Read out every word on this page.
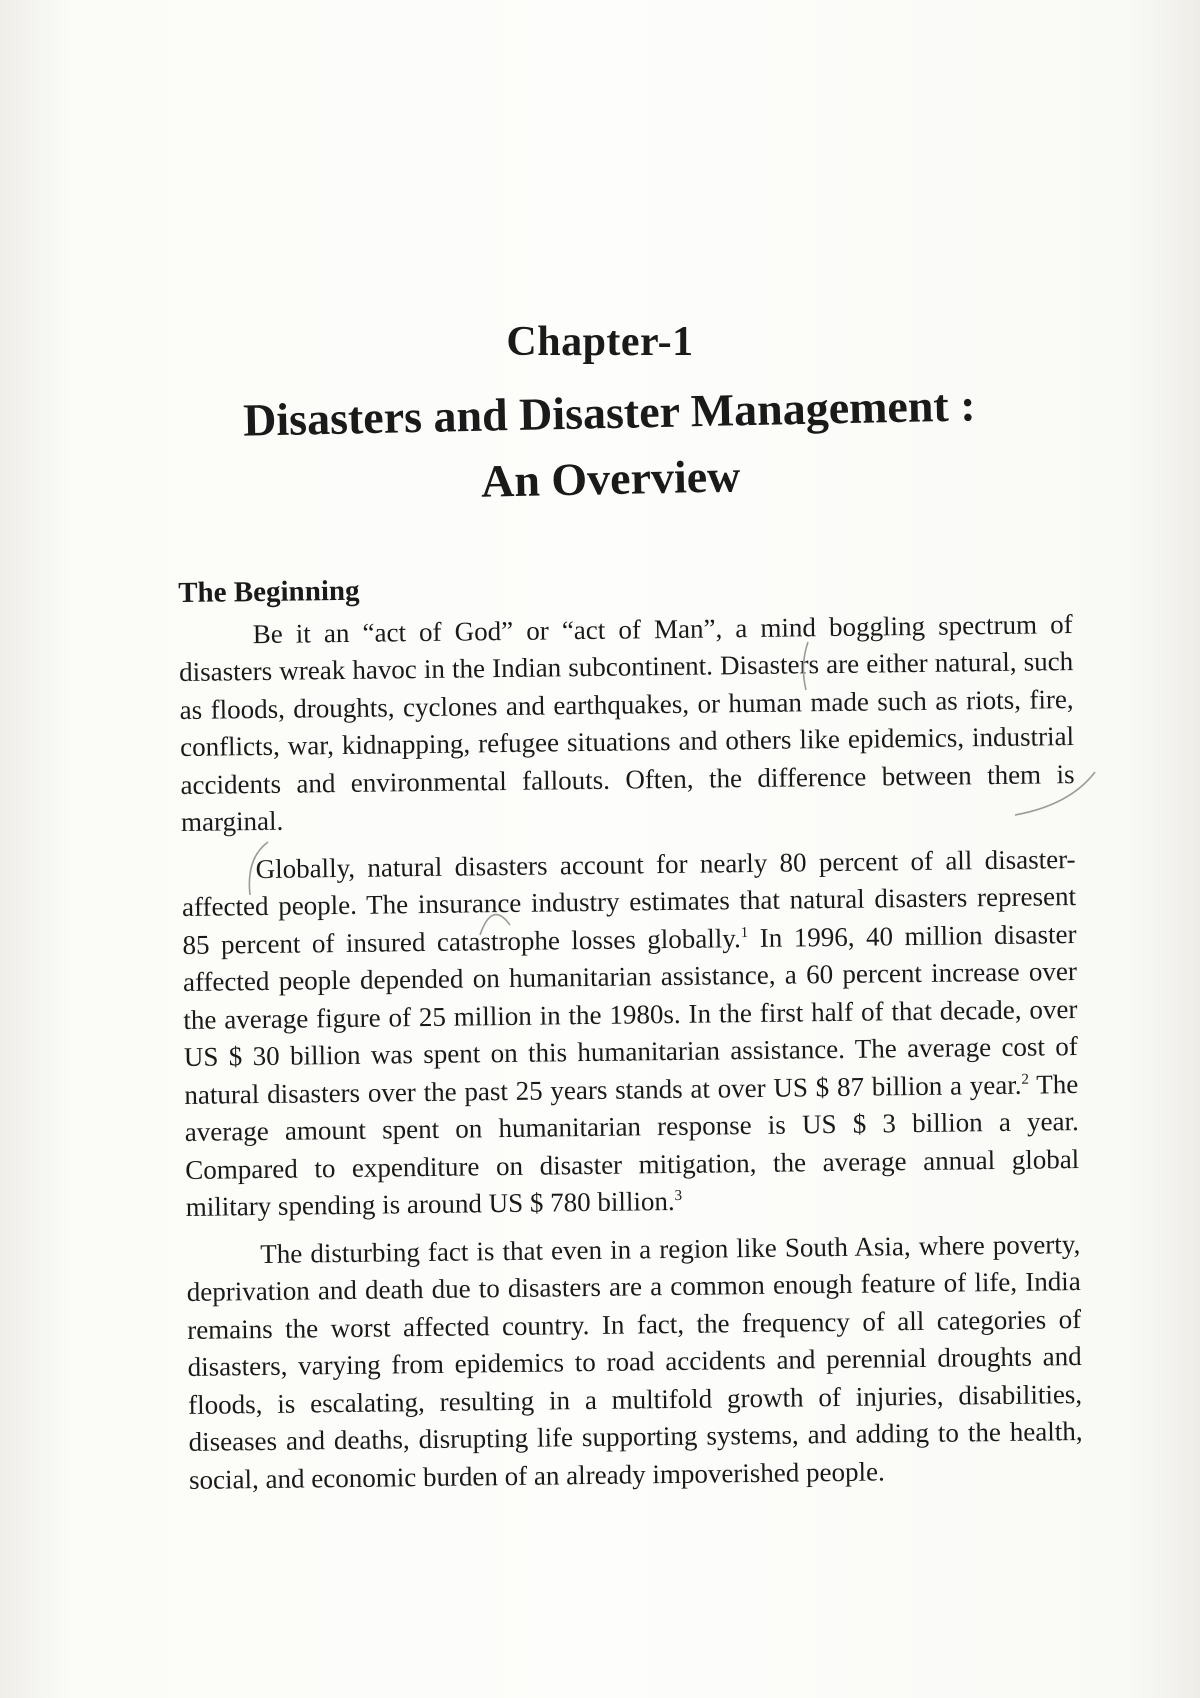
Chapter-1
Disasters and Disaster Management :
An Overview
The Beginning

Be it an “act of God” or “act of Man”, a mind boggling spectrum of disasters wreak havoc in the Indian subcontinent. Disasters are either natural, such as floods, droughts, cyclones and earthquakes, or human made such as riots, fire, conflicts, war, kidnapping, refugee situations and others like epidemics, industrial accidents and environmental fallouts. Often, the difference between them is marginal.

Globally, natural disasters account for nearly 80 percent of all disaster-affected people. The insurance industry estimates that natural disasters represent 85 percent of insured catastrophe losses globally.$^1$ In 1996, 40 million disaster affected people depended on humanitarian assistance, a 60 percent increase over the average figure of 25 million in the 1980s. In the first half of that decade, over US $ 30 billion was spent on this humanitarian assistance. The average cost of natural disasters over the past 25 years stands at over US $ 87 billion a year.$^2$ The average amount spent on humanitarian response is US $ 3 billion a year. Compared to expenditure on disaster mitigation, the average annual global military spending is around US $ 780 billion.$^3$

The disturbing fact is that even in a region like South Asia, where poverty, deprivation and death due to disasters are a common enough feature of life, India remains the worst affected country. In fact, the frequency of all categories of disasters, varying from epidemics to road accidents and perennial droughts and floods, is escalating, resulting in a multifold growth of injuries, disabilities, diseases and deaths, disrupting life supporting systems, and adding to the health, social, and economic burden of an already impoverished people.
